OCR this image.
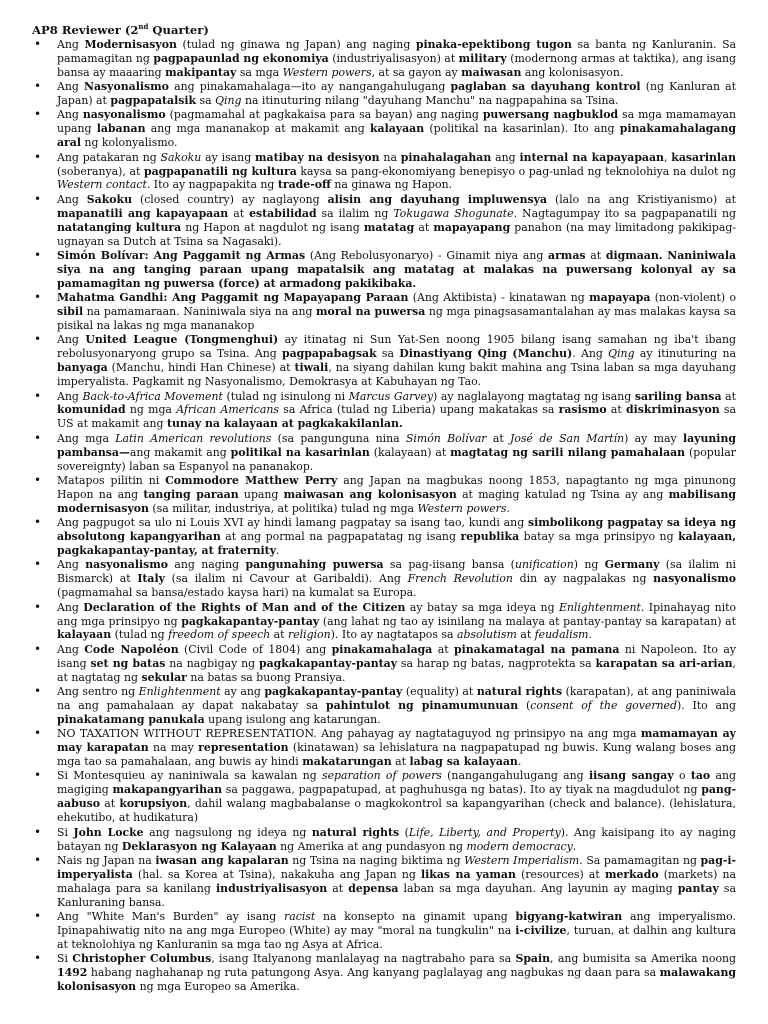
AP8 Reviewer (2nd Quarter)
• Ang Modernisasyon (tulad ng ginawa ng Japan) ang naging pinaka-epektibong tugon sa banta ng Kanluranin. Sa pamamagitan ng pagpapaunlad ng ekonomiya (industriyalisasyon) at military (modernong armas at taktika), ang isang bansa ay maaaring makipantay sa mga Western powers, at sa gayon ay maiwasan ang kolonisasyon.
• Ang Nasyonalismo ang pinakamahalaga—ito ay nangangahulugang paglaban sa dayuhang kontrol (ng Kanluran at Japan) at pagpapatalsik sa Qing na itinuturing nilang "dayuhang Manchu" na nagpapahina sa Tsina.
• Ang nasyonalismo (pagmamahal at pagkakaisa para sa bayan) ang naging puwersang nagbuklod sa mga mamamayan upang labanan ang mga mananakop at makamit ang kalayaan (politikal na kasarinlan). Ito ang pinakamahalagang aral ng kolonyalismo.
• Ang patakaran ng Sakoku ay isang matibay na desisyon na pinahalagahan ang internal na kapayapaan, kasarinlan (soberanya), at pagpapanatili ng kultura kaysa sa pang-ekonomiyang benepisyo o pag-unlad ng teknolohiya na dulot ng Western contact. Ito ay nagpapakita ng trade-off na ginawa ng Hapon.
• Ang Sakoku (closed country) ay naglayong alisin ang dayuhang impluwensya (lalo na ang Kristiyanismo) at mapanatili ang kapayapaan at estabilidad sa ilalim ng Tokugawa Shogunate. Nagtagumpay ito sa pagpapanatili ng natatanging kultura ng Hapon at nagdulot ng isang matatag at mapayapang panahon (na may limitadong pakikipag-ugnayan sa Dutch at Tsina sa Nagasaki).
• Simón Bolívar: Ang Paggamit ng Armas (Ang Rebolusyonaryo) - Ginamit niya ang armas at digmaan. Naniniwala siya na ang tanging paraan upang mapatalsik ang matatag at malakas na puwersang kolonyal ay sa pamamagitan ng puwersa (force) at armadong pakikibaka.
• Mahatma Gandhi: Ang Paggamit ng Mapayapang Paraan (Ang Aktibista) - kinatawan ng mapayapa (non-violent) o sibil na pamamaraan. Naniniwala siya na ang moral na puwersa ng mga pinagsasamantalahan ay mas malakas kaysa sa pisikal na lakas ng mga mananakop
• Ang United League (Tongmenghui) ay itinatag ni Sun Yat-Sen noong 1905 bilang isang samahan ng iba't ibang rebolusyonaryong grupo sa Tsina. Ang pagpapabagsak sa Dinastiyang Qing (Manchu). Ang Qing ay itinuturing na banyaga (Manchu, hindi Han Chinese) at tiwali, na siyang dahilan kung bakit mahina ang Tsina laban sa mga dayuhang imperyalista. Pagkamit ng Nasyonalismo, Demokrasya at Kabuhayan ng Tao.
• Ang Back-to-Africa Movement (tulad ng isinulong ni Marcus Garvey) ay naglalayong magtatag ng isang sariling bansa at komunidad ng mga African Americans sa Africa (tulad ng Liberia) upang makatakas sa rasismo at diskriminasyon sa US at makamit ang tunay na kalayaan at pagkakakilanlan.
• Ang mga Latin American revolutions (sa pangunguna nina Simón Bolívar at José de San Martín) ay may layuning pambansa—ang makamit ang politikal na kasarinlan (kalayaan) at magtatag ng sarili nilang pamahalaan (popular sovereignty) laban sa Espanyol na pananakop.
• Matapos pilitin ni Commodore Matthew Perry ang Japan na magbukas noong 1853, napagtanto ng mga pinunong Hapon na ang tanging paraan upang maiwasan ang kolonisasyon at maging katulad ng Tsina ay ang mabilisang modernisasyon (sa militar, industriya, at politika) tulad ng mga Western powers.
• Ang pagpugot sa ulo ni Louis XVI ay hindi lamang pagpatay sa isang tao, kundi ang simbolikong pagpatay sa ideya ng absolutong kapangyarihan at ang pormal na pagpapatatag ng isang republika batay sa mga prinsipyo ng kalayaan, pagkakapantay-pantay, at fraternity.
• Ang nasyonalismo ang naging pangunahing puwersa sa pag-iisang bansa (unification) ng Germany (sa ilalim ni Bismarck) at Italy (sa ilalim ni Cavour at Garibaldi). Ang French Revolution din ay nagpalakas ng nasyonalismo (pagmamahal sa bansa/estado kaysa hari) na kumalat sa Europa.
• Ang Declaration of the Rights of Man and of the Citizen ay batay sa mga ideya ng Enlightenment. Ipinahayag nito ang mga prinsipyo ng pagkakapantay-pantay (ang lahat ng tao ay isinilang na malaya at pantay-pantay sa karapatan) at kalayaan (tulad ng freedom of speech at religion). Ito ay nagtatapos sa absolutism at feudalism.
• Ang Code Napoléon (Civil Code of 1804) ang pinakamahalaga at pinakamatagal na pamana ni Napoleon. Ito ay isang set ng batas na nagbigay ng pagkakapantay-pantay sa harap ng batas, nagprotekta sa karapatan sa ari-arian, at nagtatag ng sekular na batas sa buong Pransiya.
• Ang sentro ng Enlightenment ay ang pagkakapantay-pantay (equality) at natural rights (karapatan), at ang paniniwala na ang pamahalaan ay dapat nakabatay sa pahintulot ng pinamumunuan (consent of the governed). Ito ang pinakatamang panukala upang isulong ang katarungan.
• NO TAXATION WITHOUT REPRESENTATION. Ang pahayag ay nagtataguyod ng prinsipyo na ang mga mamamayan ay may karapatan na may representation (kinatawan) sa lehislatura na nagpapatupad ng buwis. Kung walang boses ang mga tao sa pamahalaan, ang buwis ay hindi makatarungan at labag sa kalayaan.
• Si Montesquieu ay naniniwala sa kawalan ng separation of powers (nangangahulugang ang iisang sangay o tao ang magiging makapangyarihan sa paggawa, pagpapatupad, at paghuhusga ng batas). Ito ay tiyak na magdudulot ng pang-aabuso at korupsiyon, dahil walang magbabalanse o magkokontrol sa kapangyarihan (check and balance). (lehislatura, ehekutibo, at hudikatura)
• Si John Locke ang nagsulong ng ideya ng natural rights (Life, Liberty, and Property). Ang kaisipang ito ay naging batayan ng Deklarasyon ng Kalayaan ng Amerika at ang pundasyon ng modern democracy.
• Nais ng Japan na iwasan ang kapalaran ng Tsina na naging biktima ng Western Imperialism. Sa pamamagitan ng pag-i-imperyalista (hal. sa Korea at Tsina), nakakuha ang Japan ng likas na yaman (resources) at merkado (markets) na mahalaga para sa kanilang industriyalisasyon at depensa laban sa mga dayuhan. Ang layunin ay maging pantay sa Kanluraning bansa.
• Ang "White Man's Burden" ay isang racist na konsepto na ginamit upang bigyang-katwiran ang imperyalismo. Ipinapahiwatig nito na ang mga Europeo (White) ay may "moral na tungkulin" na i-civilize, turuan, at dalhin ang kultura at teknolohiya ng Kanluranin sa mga tao ng Asya at Africa.
• Si Christopher Columbus, isang Italyanong manlalayag na nagtrabaho para sa Spain, ang bumisita sa Amerika noong 1492 habang naghahanap ng ruta patungong Asya. Ang kanyang paglalayag ang nagbukas ng daan para sa malawakang kolonisasyon ng mga Europeo sa Amerika.
